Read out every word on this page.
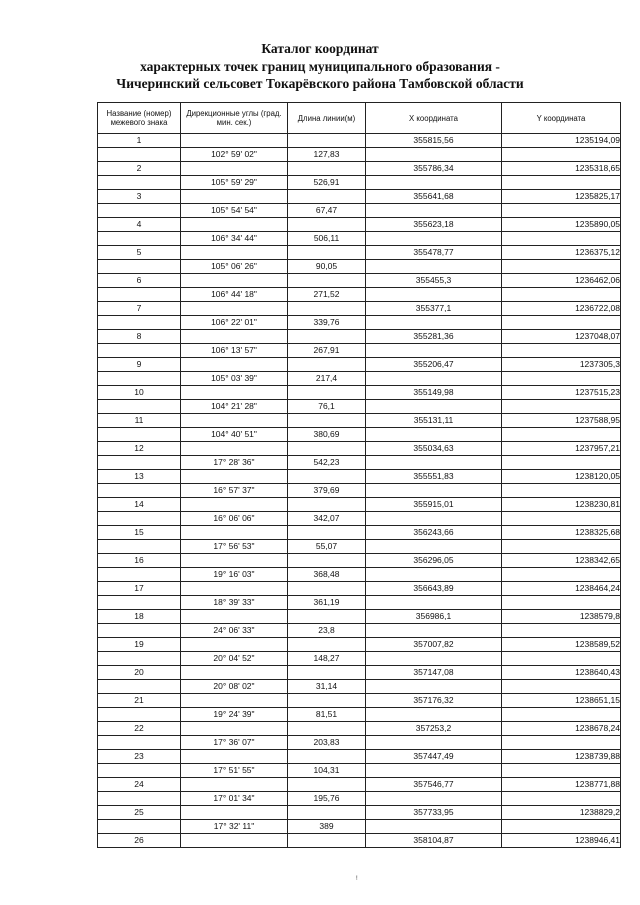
Каталог координат
характерных точек границ муниципального образования -
Чичеринский сельсовет Токарёвского района Тамбовской области
Название (номер) межевого знака	Дирекционные углы (град. мин. сек.)	Длина линии(м)	X координата	Y координата
1			355815,56	1235194,09
	102° 59' 02"	127,83		
2			355786,34	1235318,65
	105° 59' 29"	526,91		
3			355641,68	1235825,17
	105° 54' 54"	67,47		
4			355623,18	1235890,05
	106° 34' 44"	506,11		
5			355478,77	1236375,12
	105° 06' 26"	90,05		
6			355455,3	1236462,06
	106° 44' 18"	271,52		
7			355377,1	1236722,08
	106° 22' 01"	339,76		
8			355281,36	1237048,07
	106° 13' 57"	267,91		
9			355206,47	1237305,3
	105° 03' 39"	217,4		
10			355149,98	1237515,23
	104° 21' 28"	76,1		
11			355131,11	1237588,95
	104° 40' 51"	380,69		
12			355034,63	1237957,21
	17° 28' 36"	542,23		
13			355551,83	1238120,05
	16° 57' 37"	379,69		
14			355915,01	1238230,81
	16° 06' 06"	342,07		
15			356243,66	1238325,68
	17° 56' 53"	55,07		
16			356296,05	1238342,65
	19° 16' 03"	368,48		
17			356643,89	1238464,24
	18° 39' 33"	361,19		
18			356986,1	1238579,8
	24° 06' 33"	23,8		
19			357007,82	1238589,52
	20° 04' 52"	148,27		
20			357147,08	1238640,43
	20° 08' 02"	31,14		
21			357176,32	1238651,15
	19° 24' 39"	81,51		
22			357253,2	1238678,24
	17° 36' 07"	203,83		
23			357447,49	1238739,88
	17° 51' 55"	104,31		
24			357546,77	1238771,88
	17° 01' 34"	195,76		
25			357733,95	1238829,2
	17° 32' 11"	389		
26			358104,87	1238946,41
!
